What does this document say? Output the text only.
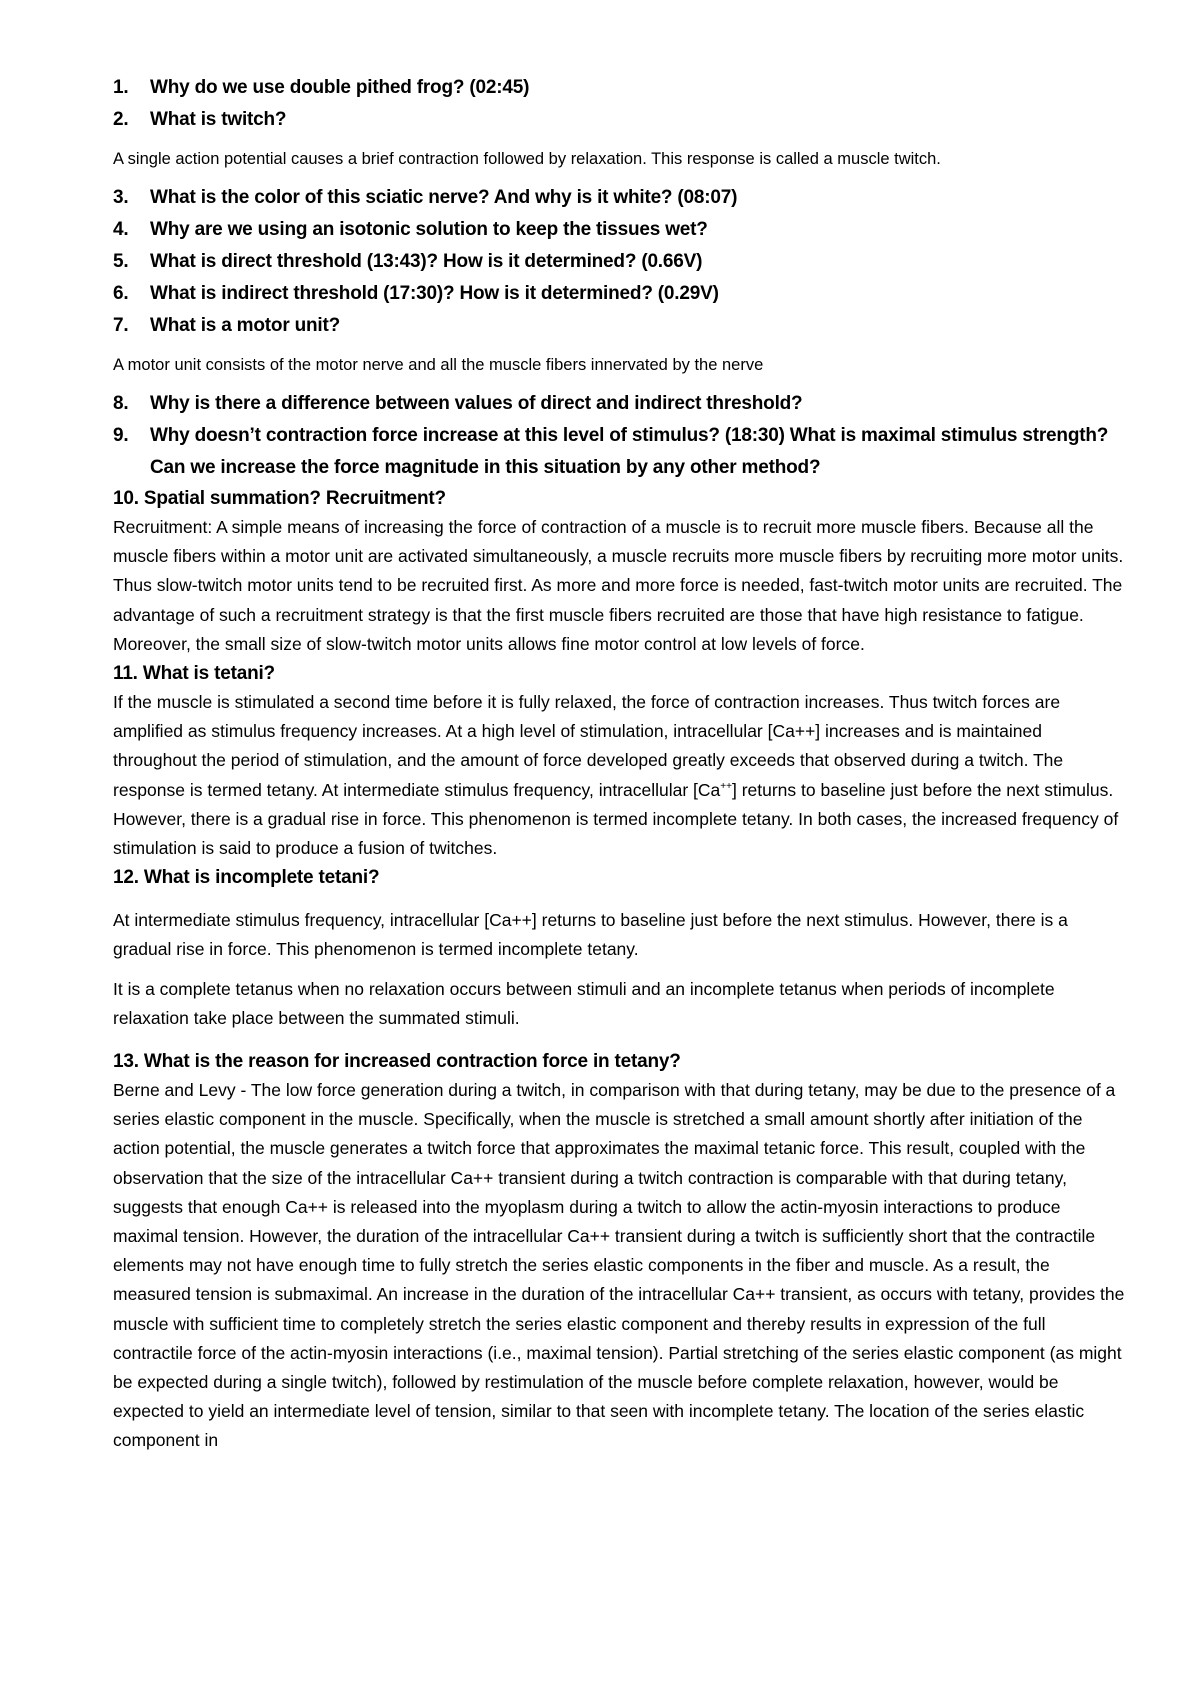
1.	Why do we use double pithed frog? (02:45)
2.	What is twitch?

A single action potential causes a brief contraction followed by relaxation. This response is called a muscle twitch.

3.	What is the color of this sciatic nerve? And why is it white? (08:07)
4.	Why are we using an isotonic solution to keep the tissues wet?
5.	What is direct threshold (13:43)? How is it determined? (0.66V)
6.	What is indirect threshold (17:30)? How is it determined? (0.29V)
7.	What is a motor unit?

A motor unit consists of the motor nerve and all the muscle fibers innervated by the nerve

8.	Why is there a difference between values of direct and indirect threshold?
9.	Why doesn’t contraction force increase at this level of stimulus? (18:30) What is maximal stimulus strength? Can we increase the force magnitude in this situation by any other method?
10. Spatial summation? Recruitment?

Recruitment: A simple means of increasing the force of contraction of a muscle is to recruit more muscle fibers. Because all the muscle fibers within a motor unit are activated simultaneously, a muscle recruits more muscle fibers by recruiting more motor units. Thus slow-twitch motor units tend to be recruited first. As more and more force is needed, fast-twitch motor units are recruited. The advantage of such a recruitment strategy is that the first muscle fibers recruited are those that have high resistance to fatigue. Moreover, the small size of slow-twitch motor units allows fine motor control at low levels of force.

11. What is tetani?

If the muscle is stimulated a second time before it is fully relaxed, the force of contraction increases. Thus twitch forces are amplified as stimulus frequency increases. At a high level of stimulation, intracellular [Ca++] increases and is maintained throughout the period of stimulation, and the amount of force developed greatly exceeds that observed during a twitch. The response is termed tetany. At intermediate stimulus frequency, intracellular [Ca++] returns to baseline just before the next stimulus. However, there is a gradual rise in force. This phenomenon is termed incomplete tetany. In both cases, the increased frequency of stimulation is said to produce a fusion of twitches.

12. What is incomplete tetani?

At intermediate stimulus frequency, intracellular [Ca++] returns to baseline just before the next stimulus. However, there is a gradual rise in force. This phenomenon is termed incomplete tetany.

It is a complete tetanus when no relaxation occurs between stimuli and an incomplete tetanus when periods of incomplete relaxation take place between the summated stimuli.

13. What is the reason for increased contraction force in tetany?

Berne and Levy - The low force generation during a twitch, in comparison with that during tetany, may be due to the presence of a series elastic component in the muscle. Specifically, when the muscle is stretched a small amount shortly after initiation of the action potential, the muscle generates a twitch force that approximates the maximal tetanic force. This result, coupled with the observation that the size of the intracellular Ca++ transient during a twitch contraction is comparable with that during tetany, suggests that enough Ca++ is released into the myoplasm during a twitch to allow the actin-myosin interactions to produce maximal tension. However, the duration of the intracellular Ca++ transient during a twitch is sufficiently short that the contractile elements may not have enough time to fully stretch the series elastic components in the fiber and muscle. As a result, the

measured tension is submaximal. An increase in the duration of the intracellular Ca++ transient, as occurs with tetany, provides the muscle with sufficient time to completely stretch the series elastic component and thereby results in expression of the full contractile force of the actin-myosin interactions (i.e., maximal tension). Partial stretching of the series elastic component (as might be expected during a single twitch), followed by restimulation of the muscle before complete relaxation, however, would be expected to yield an intermediate level of tension, similar to that seen with incomplete tetany. The location of the series elastic component in
